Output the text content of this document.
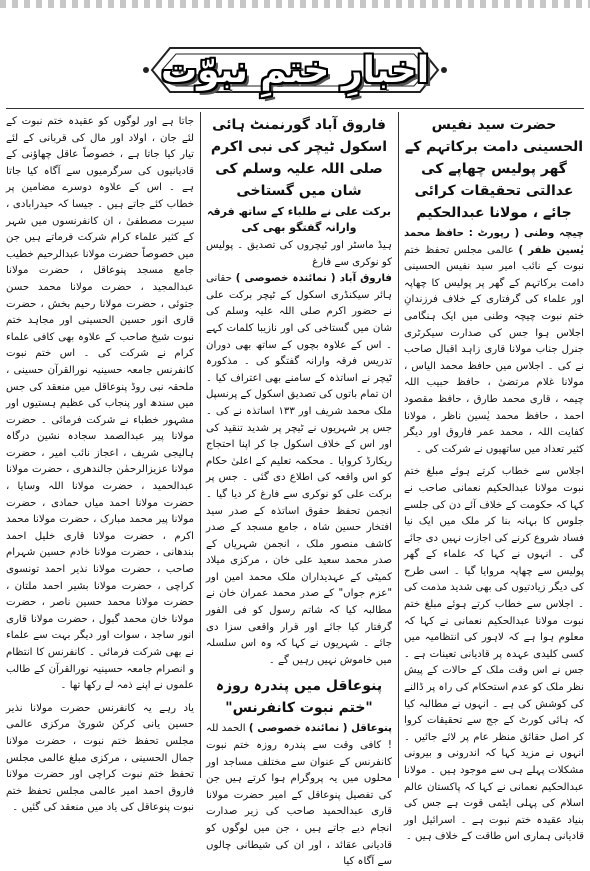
اخبارِ ختمِ نبوّت
حضرت سید نفیس الحسینی دامت برکاتہم کے گھر پولیس چھاپے کی عدالتی تحقیقات کرائی جائے ، مولانا عبدالحکیم

چیچہ وطنی ( رپورٹ : حافظ محمد یٰسین ظفر ) عالمی مجلس تحفظ ختم نبوت کے نائب امیر سید نفیس الحسینی دامت برکاتہم کے گھر پر پولیس کا چھاپہ اور علماء کی گرفتاری کے خلاف فرزندانِ ختم نبوت چیچہ وطنی میں ایک ہنگامی اجلاس ہوا جس کی صدارت سیکرٹری جنرل جناب مولانا قاری زاہد اقبال صاحب نے کی ۔ اجلاس میں حافظ محمد الیاس ، مولانا غلام مرتضیٰ ، حافظ حبیب اللہ چیمہ ، قاری محمد طارق ، حافظ مقصود احمد ، حافظ محمد یٰسین ناظر ، مولانا کفایت اللہ ، محمد عمر فاروق اور دیگر کثیر تعداد میں ساتھیوں نے شرکت کی ۔

اجلاس سے خطاب کرتے ہوئے مبلغ ختم نبوت مولانا عبدالحکیم نعمانی صاحب نے کہا کہ حکومت کے خلاف آئے دن کی جلسے جلوس کا بہانہ بنا کر ملک میں ایک نیا فساد شروع کرنے کی اجازت نہیں دی جائے گی ۔ انہوں نے کہا کہ علماء کے گھر پولیس سے چھاپہ مروایا گیا ۔ اسی طرح کی دیگر زیادتیوں کی بھی شدید مذمت کی ۔ اجلاس سے خطاب کرتے ہوئے مبلغ ختم نبوت مولانا عبدالحکیم نعمانی نے کہا کہ معلوم ہوا ہے کہ لاہور کی انتظامیہ میں کسی کلیدی عہدہ پر قادیانی تعینات ہے ۔ جس نے اس وقت ملک کے حالات کے پیش نظر ملک کو عدم استحکام کی راہ پر ڈالنے کی کوشش کی ہے ۔ انہوں نے مطالبہ کیا کہ ہائی کورٹ کے جج سے تحقیقات کروا کر اصل حقائق منظر عام پر لائے جائیں ۔ انہوں نے مزید کہا کہ اندرونی و بیرونی مشکلات پہلے ہی سے موجود ہیں ۔ مولانا عبدالحکیم نعمانی نے کہا کہ پاکستان عالم اسلام کی پہلی ایٹمی قوت ہے جس کی بنیاد عقیدہ ختم نبوت ہے ۔ اسرائیل اور قادیانی ہماری اس طاقت کے خلاف ہیں ۔

فاروق آباد گورنمنٹ ہائی اسکول ٹیچر کی نبی اکرم صلی اللہ علیہ وسلم کی شان میں گستاخی
برکت علی نے طلباء کے ساتھ فرقہ وارانہ گفتگو بھی کی

ہیڈ ماسٹر اور ٹیچروں کی تصدیق ۔ پولیس کو نوکری سے فارغ

فاروق آباد ( نمائندہ خصوصی ) حقانی ہائر سیکنڈری اسکول کے ٹیچر برکت علی نے حضور اکرم صلی اللہ علیہ وسلم کی شان میں گستاخی کی اور نازیبا کلمات کہے ۔ اس کے علاوہ بچوں کے ساتھ بھی دوران تدریس فرقہ وارانہ گفتگو کی ۔ مذکورہ ٹیچر نے اساتذہ کے سامنے بھی اعتراف کیا ۔ ان تمام باتوں کی تصدیق اسکول کے پرنسپل ملک محمد شریف اور ۱۳۳ اساتذہ نے کی ۔ جس پر شہریوں نے ٹیچر پر شدید تنقید کی اور اس کے خلاف اسکول جا کر اپنا احتجاج ریکارڈ کروایا ۔ محکمہ تعلیم کے اعلیٰ حکام کو اس واقعہ کی اطلاع دی گئی ۔ جس پر برکت علی کو نوکری سے فارغ کر دیا گیا ۔ انجمن تحفظ حقوق اساتذہ کے صدر سید افتخار حسین شاہ ، جامع مسجد کے صدر کاشف منصور ملک ، انجمن شہریاں کے صدر محمد سعید علی خان ، مرکزی میلاد کمیٹی کے عہدیداران ملک محمد امین اور "عزم جواں" کے صدر محمد عمران خان نے مطالبہ کیا کہ شاتم رسول کو فی الفور گرفتار کیا جائے اور قرار واقعی سزا دی جائے ۔ شہریوں نے کہا کہ وہ اس سلسلہ میں خاموش نہیں رہیں گے ۔

پنوعاقل میں پندرہ روزہ "ختم نبوت کانفرنس"

پنوعاقل ( نمائندہ خصوصی ) الحمد للہ ! کافی وقت سے پندرہ روزہ ختم نبوت کانفرنس کے عنوان سے مختلف مساجد اور محلوں میں یہ پروگرام ہوا کرتے ہیں جن کی تفصیل پنوعاقل کے امیر حضرت مولانا قاری عبدالحمید صاحب کی زیر صدارت انجام دیے جاتے ہیں ، جن میں لوگوں کو قادیانی عقائد ، اور ان کی شیطانی چالوں سے آگاہ کیا

جاتا ہے اور لوگوں کو عقیدہ ختم نبوت کے لئے جان ، اولاد اور مال کی قربانی کے لئے تیار کیا جاتا ہے ، خصوصاً عاقل چھاؤنی کے قادیانیوں کی سرگرمیوں سے آگاہ کیا جاتا ہے ۔ اس کے علاوہ دوسرے مضامین پر خطاب کئے جاتے ہیں ۔ جیسا کہ حیدرابادی ، سیرت مصطفیٰ ، ان کانفرنسوں میں شہر کے کثیر علماء کرام شرکت فرماتے ہیں جن میں خصوصاً حضرت مولانا عبدالرحیم خطیب جامع مسجد پنوعاقل ، حضرت مولانا عبدالمجید ، حضرت مولانا محمد حسن جتوئی ، حضرت مولانا رحیم بخش ، حضرت قاری انور حسین الحسینی اور مجاہد ختم نبوت شیخ صاحب کے علاوہ بھی کافی علماء کرام نے شرکت کی ۔ اس ختم نبوت کانفرنس جامعہ حسینیہ نورالقرآن حسینی ، ملحقہ نبی روڈ پنوعاقل میں منعقد کی جس میں سندھ اور پنجاب کی عظیم ہستیوں اور مشہور خطباء نے شرکت فرمائی ۔ حضرت مولانا پیر عبدالصمد سجادہ نشین درگاہ ہالیجی شریف ، اعجاز نائب امیر ، حضرت مولانا عزیزالرحمٰن جالندھری ، حضرت مولانا عبدالحمید ، حضرت مولانا اللہ وسایا ، حضرت مولانا احمد میاں حمادی ، حضرت مولانا پیر محمد مبارک ، حضرت مولانا محمد اکرم ، حضرت مولانا قاری خلیل احمد بندھانی ، حضرت مولانا خادم حسین شہرام صاحب ، حضرت مولانا نذیر احمد تونسوی کراچی ، حضرت مولانا بشیر احمد ملتان ، حضرت مولانا محمد حسین ناصر ، حضرت مولانا خان محمد گبول ، حضرت مولانا قاری انور ساجد ، سوات اور دیگر بہت سے علماء نے بھی شرکت فرمائی ۔ کانفرنس کا انتظام و انصرام جامعہ حسینیہ نورالقرآن کے طالب علموں نے اپنے ذمہ لے رکھا تھا ۔

یاد رہے یہ کانفرنس حضرت مولانا نذیر حسین یانی کرکن شوریٰ مرکزی عالمی مجلس تحفظ ختم نبوت ، حضرت مولانا جمال الحسینی ، مرکزی مبلغ عالمی مجلس تحفظ ختم نبوت کراچی اور حضرت مولانا فاروق احمد امیر عالمی مجلس تحفظ ختم نبوت پنوعاقل کی یاد میں منعقد کی گئیں ۔
